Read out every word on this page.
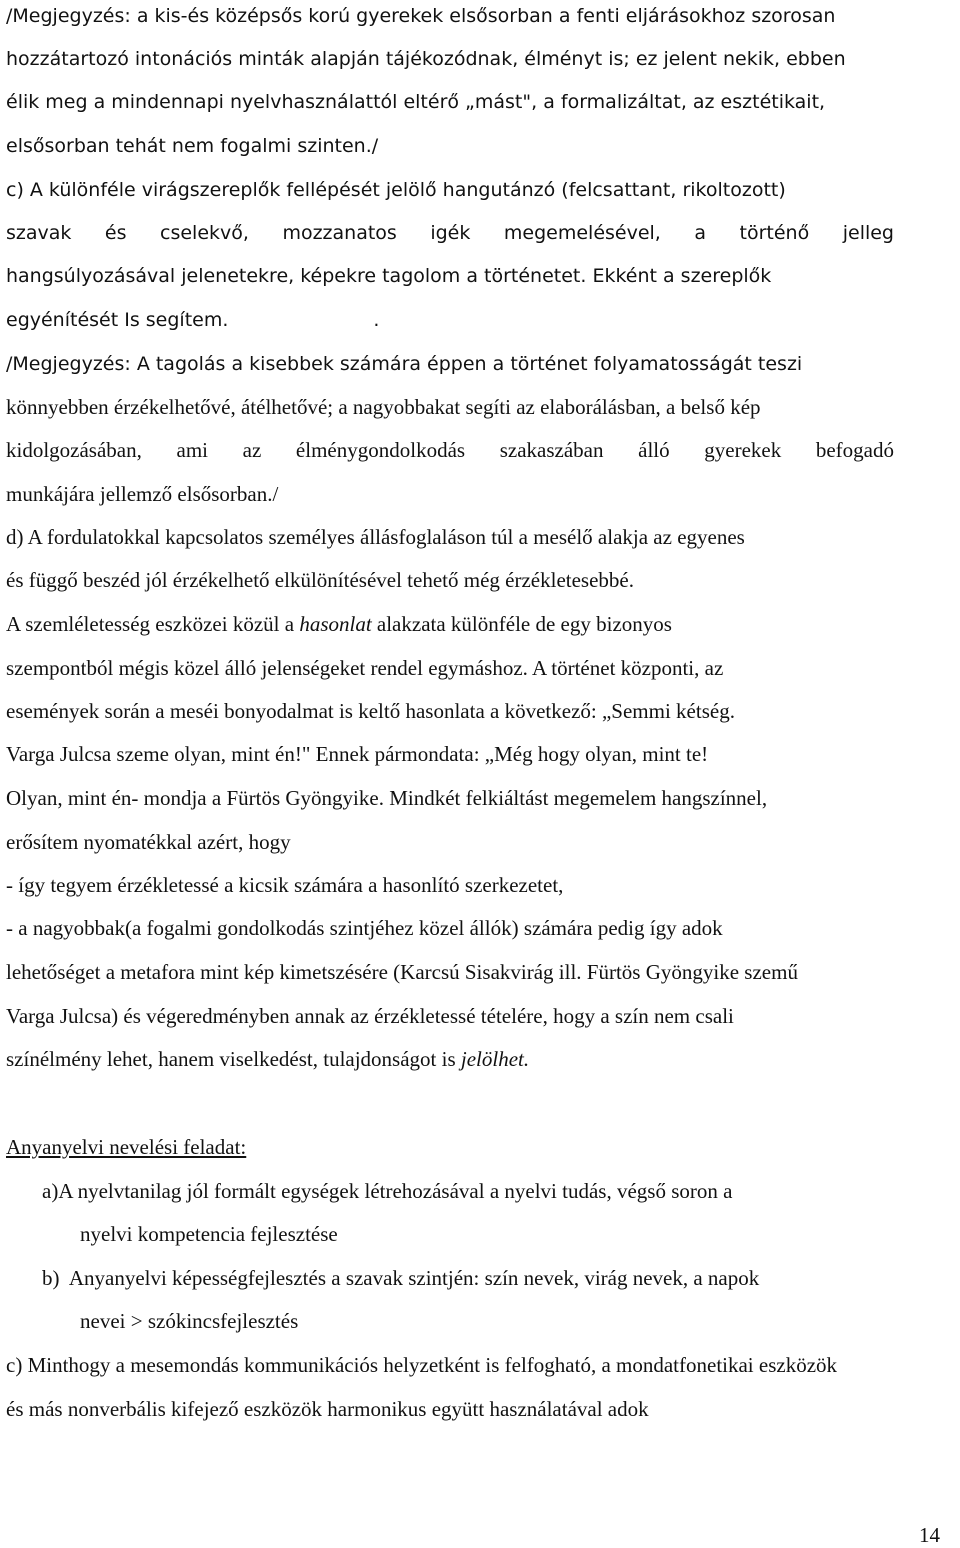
/Megjegyzés: a kis-és középsős korú gyerekek elsősorban a fenti eljárásokhoz szorosan
hozzátartozó intonációs minták alapján tájékozódnak, élményt is; ez jelent nekik, ebben
élik meg a mindennapi nyelvhasználattól eltérő „mást", a formalizáltat, az esztétikait,
elsősorban tehát nem fogalmi szinten./
c) A különféle virágszereplők fellépését jelölő hangutánzó (felcsattant, rikoltozott)
szavak és cselekvő, mozzanatos igék megemelésével, a történő jelleg
hangsúlyozásával jelenetekre, képekre tagolom a történetet. Ekként a szereplők
egyénítését Is segítem.                        .
/Megjegyzés: A tagolás a kisebbek számára éppen a történet folyamatosságát teszi
könnyebben érzékelhetővé, átélhetővé; a nagyobbakat segíti az elaborálásban, a belső kép
kidolgozásában, ami az élménygondolkodás szakaszában álló gyerekek befogadó
munkájára jellemző elsősorban./
d) A fordulatokkal kapcsolatos személyes állásfoglaláson túl a mesélő alakja az egyenes
és függő beszéd jól érzékelhető elkülönítésével tehető még érzékletesebbé.
A szemléletesség eszközei közül a hasonlat alakzata különféle de egy bizonyos
szempontból mégis közel álló jelenségeket rendel egymáshoz. A történet központi, az
események során a meséi bonyodalmat is keltő hasonlata a következő: „Semmi kétség.
Varga Julcsa szeme olyan, mint én!" Ennek pármondata: „Még hogy olyan, mint te!
Olyan, mint én- mondja a Fürtös Gyöngyike. Mindkét felkiáltást megemelem hangszínnel,
erősítem nyomatékkal azért, hogy
- így tegyem érzékletessé a kicsik számára a hasonlító szerkezetet,
- a nagyobbak(a fogalmi gondolkodás szintjéhez közel állók) számára pedig így adok
lehetőséget a metafora mint kép kimetszésére (Karcsú Sisakvirág ill. Fürtös Gyöngyike szemű
Varga Julcsa) és végeredményben annak az érzékletessé tételére, hogy a szín nem csali
színélmény lehet, hanem viselkedést, tulajdonságot is jelölhet.
Anyanyelvi nevelési feladat:
a)A nyelvtanilag jól formált egységek létrehozásával a nyelvi tudás, végső soron a
nyelvi kompetencia fejlesztése
b)  Anyanyelvi képességfejlesztés a szavak szintjén: szín nevek, virág nevek, a napok
nevei > szókincsfejlesztés
c) Minthogy a mesemondás kommunikációs helyzetként is felfogható, a mondatfonetikai eszközök
és más nonverbális kifejező eszközök harmonikus együtt használatával adok
14
